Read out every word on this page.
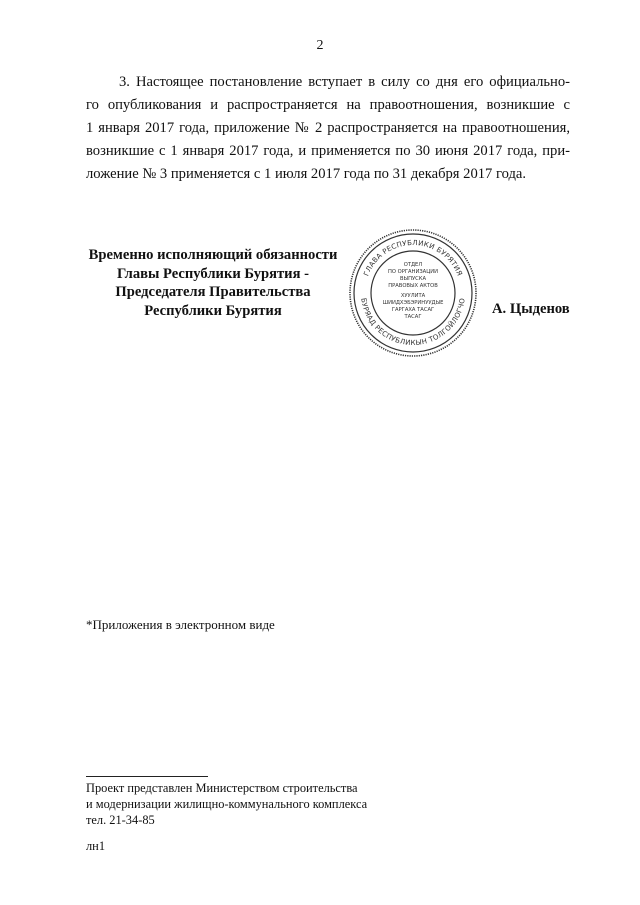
2
3. Настоящее постановление вступает в силу со дня его официально-
го опубликования и распространяется на правоотношения, возникшие с
1 января 2017 года, приложение № 2 распространяется на правоотношения,
возникшие с 1 января 2017 года, и применяется по 30 июня 2017 года, при-
ложение № 3 применяется с 1 июля 2017 года по 31 декабря 2017 года.
Временно исполняющий обязанности
Главы Республики Бурятия -
Председателя Правительства
Республики Бурятия
ГЛАВА РЕСПУБЛИКИ БУРЯТИЯ
БУРЯАД РЕСПУБЛИКЫН ТОЛГОЙЛОГЧО
ОТДЕЛ
ПО ОРГАНИЗАЦИИ
ВЫПУСКА
ПРАВОВЫХ АКТОВ
ХУУЛИТА
ШИИДХЭБЭРИНУУДЫЕ
ГАРГАХА ТАСАГ
ТАСАГ	А. Цыденов
*Приложения в электронном виде
Проект представлен Министерством строительства
и модернизации жилищно-коммунального комплекса
тел. 21-34-85
лн1
